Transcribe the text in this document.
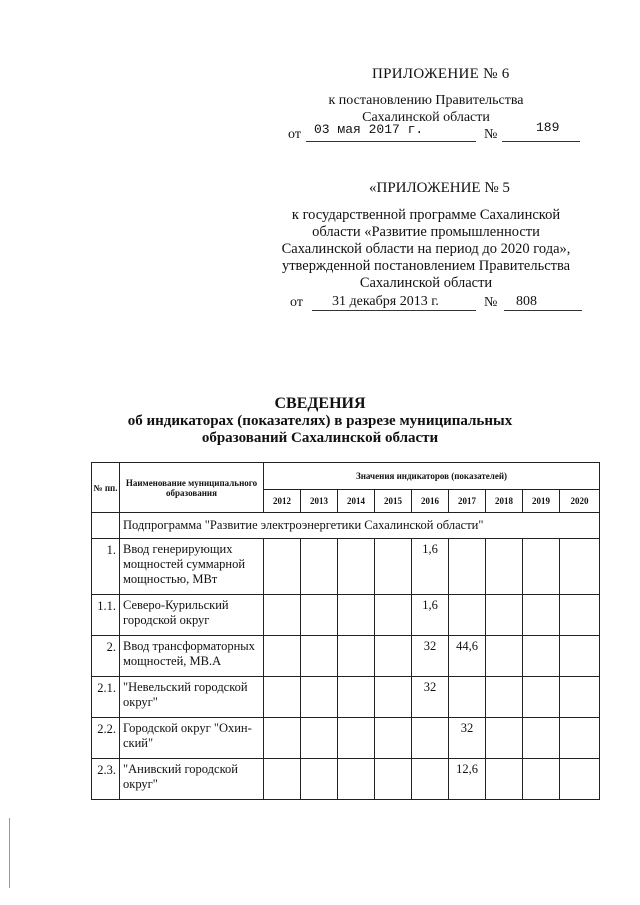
ПРИЛОЖЕНИЕ № 6
к постановлению Правительства
Сахалинской области
от 03 мая 2017 г.	№	189
«ПРИЛОЖЕНИЕ № 5
к государственной программе Сахалинской
области «Развитие промышленности
Сахалинской области на период до 2020 года»,
утвержденной постановлением Правительства
Сахалинской области
от 31 декабря 2013 г.	№ 808
СВЕДЕНИЯ
об индикаторах (показателях) в разрезе муниципальных
образований Сахалинской области
№ пп.	Наименование муниципального образования	Значения индикаторов (показателей)								
		2012	2013	2014	2015	2016	2017	2018	2019	2020
	Подпрограмма "Развитие электроэнергетики Сахалинской области"									
1.	Ввод генерирующих мощностей суммарной мощностью, МВт					1,6				
1.1.	Северо-Курильский городской округ					1,6				
2.	Ввод трансформаторных мощностей, МВ.А					32	44,6			
2.1.	"Невельский городской округ"					32				
2.2.	Городской округ "Охин-ский"						32			
2.3.	"Анивский городской округ"						12,6			
